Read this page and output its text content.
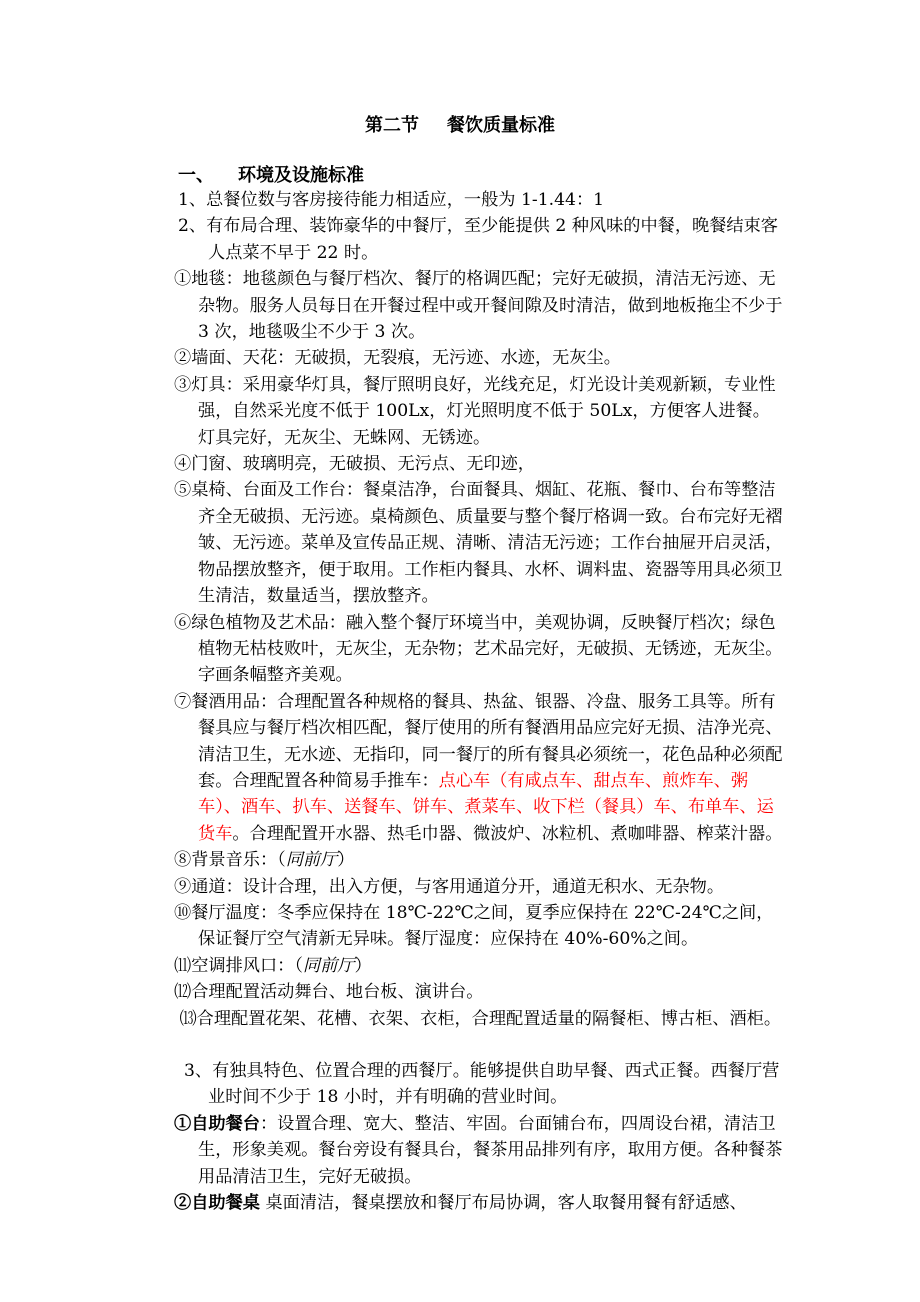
第二节 餐饮质量标准
一、 环境及设施标准

1、总餐位数与客房接待能力相适应，一般为 1-1.44：1

2、有布局合理、装饰豪华的中餐厅，至少能提供 2 种风味的中餐，晚餐结束客人点菜不早于 22 时。

①地毯：地毯颜色与餐厅档次、餐厅的格调匹配；完好无破损，清洁无污迹、无杂物。服务人员每日在开餐过程中或开餐间隙及时清洁，做到地板拖尘不少于 3 次，地毯吸尘不少于 3 次。

②墙面、天花：无破损，无裂痕，无污迹、水迹，无灰尘。

③灯具：采用豪华灯具，餐厅照明良好，光线充足，灯光设计美观新颖，专业性强，自然采光度不低于 100Lx，灯光照明度不低于 50Lx，方便客人进餐。灯具完好，无灰尘、无蛛网、无锈迹。

④门窗、玻璃明亮，无破损、无污点、无印迹，

⑤桌椅、台面及工作台：餐桌洁净，台面餐具、烟缸、花瓶、餐巾、台布等整洁齐全无破损、无污迹。桌椅颜色、质量要与整个餐厅格调一致。台布完好无褶皱、无污迹。菜单及宣传品正规、清晰、清洁无污迹；工作台抽屉开启灵活，物品摆放整齐，便于取用。工作柜内餐具、水杯、调料盅、瓷器等用具必须卫生清洁，数量适当，摆放整齐。

⑥绿色植物及艺术品：融入整个餐厅环境当中，美观协调，反映餐厅档次；绿色植物无枯枝败叶，无灰尘，无杂物；艺术品完好，无破损、无锈迹，无灰尘。字画条幅整齐美观。

⑦餐酒用品：合理配置各种规格的餐具、热盆、银器、冷盘、服务工具等。所有餐具应与餐厅档次相匹配，餐厅使用的所有餐酒用品应完好无损、洁净光亮、清洁卫生，无水迹、无指印，同一餐厅的所有餐具必须统一，花色品种必须配套。合理配置各种简易手推车：点心车（有咸点车、甜点车、煎炸车、粥车）、酒车、扒车、送餐车、饼车、煮菜车、收下栏（餐具）车、布单车、运货车。合理配置开水器、热毛巾器、微波炉、冰粒机、煮咖啡器、榨菜汁器。

⑧背景音乐：（同前厅）

⑨通道：设计合理，出入方便，与客用通道分开，通道无积水、无杂物。

⑩餐厅温度：冬季应保持在 18℃-22℃之间，夏季应保持在 22℃-24℃之间，保证餐厅空气清新无异味。餐厅湿度：应保持在 40%-60%之间。

⑾空调排风口：（同前厅）

⑿合理配置活动舞台、地台板、演讲台。

⒀合理配置花架、花槽、衣架、衣柜，合理配置适量的隔餐柜、博古柜、酒柜。

3、有独具特色、位置合理的西餐厅。能够提供自助早餐、西式正餐。西餐厅营业时间不少于 18 小时，并有明确的营业时间。

①自助餐台：设置合理、宽大、整洁、牢固。台面铺台布，四周设台裙，清洁卫生，形象美观。餐台旁设有餐具台，餐茶用品排列有序，取用方便。各种餐茶用品清洁卫生，完好无破损。

②自助餐桌 桌面清洁，餐桌摆放和餐厅布局协调，客人取餐用餐有舒适感、
